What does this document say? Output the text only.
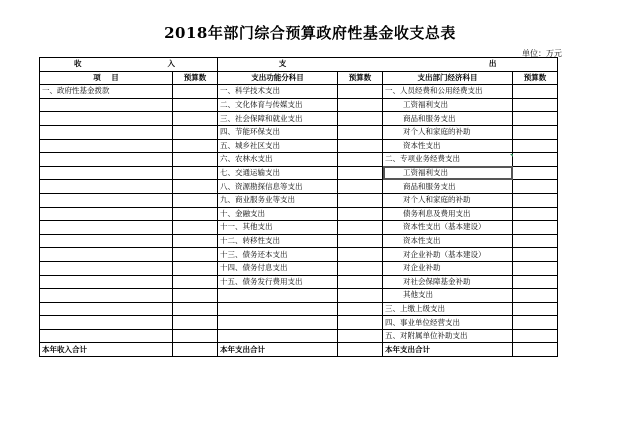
2018年部门综合预算政府性基金收支总表
单位：万元
收 入		支 出			
项    目	预算数	支出功能分科目	预算数	支出部门经济科目	预算数
一、政府性基金拨款		一、科学技术支出		一、人员经费和公用经费支出	
		二、文化体育与传媒支出		工资福利支出	
		三、社会保障和就业支出		商品和服务支出	
		四、节能环保支出		对个人和家庭的补助	
		五、城乡社区支出		资本性支出	
		六、农林水支出		二、专项业务经费支出	
		七、交通运输支出		工资福利支出	
		八、资源勘探信息等支出		商品和服务支出	
		九、商业服务业等支出		对个人和家庭的补助	
		十、金融支出		债务利息及费用支出	
		十一、其他支出		资本性支出（基本建设）	
		十二、转移性支出		资本性支出	
		十三、债务还本支出		对企业补助（基本建设）	
		十四、债务付息支出		对企业补助	
		十五、债务发行费用支出		对社会保障基金补助	
				其他支出	
				三、上缴上级支出	
				四、事业单位经营支出	
				五、对附属单位补助支出	
本年收入合计		本年支出合计		本年支出合计	
